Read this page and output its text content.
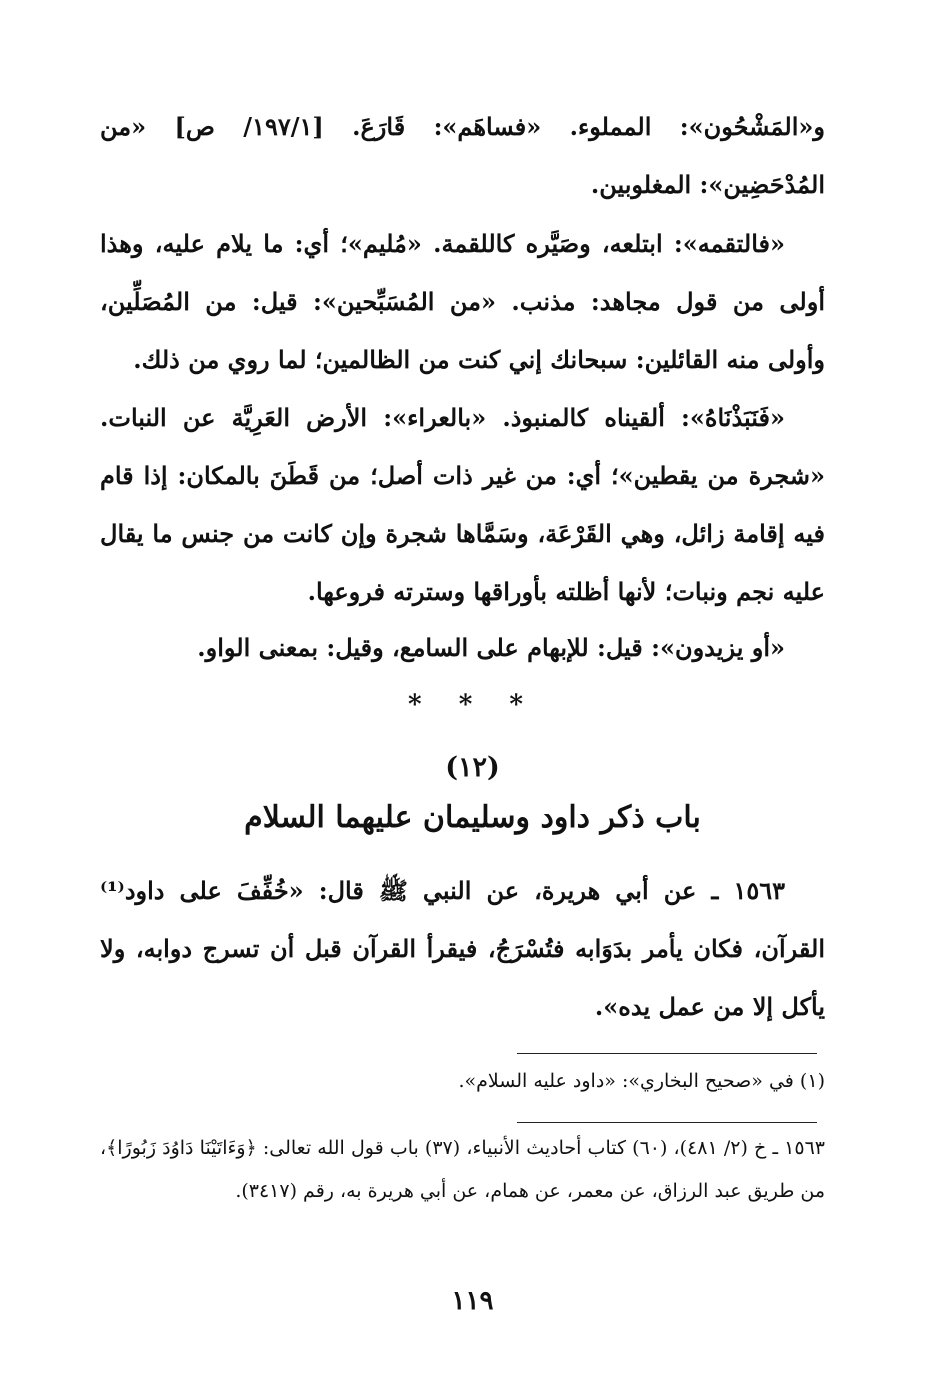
و«المَشْحُون»: المملوء. «فساهَم»: قَارَعَ. [١٩٧/١/ ص] «من المُدْحَضِين»: المغلوبين.

«فالتقمه»: ابتلعه، وصَيَّره كاللقمة. «مُليم»؛ أي: ما يلام عليه، وهذا أولى من قول مجاهد: مذنب. «من المُسَبِّحين»: قيل: من المُصَلِّين، وأولى منه القائلين: سبحانك إني كنت من الظالمين؛ لما روي من ذلك.

«فَنَبَذْنَاهُ»: ألقيناه كالمنبوذ. «بالعراء»: الأرض العَرِيَّة عن النبات. «شجرة من يقطين»؛ أي: من غير ذات أصل؛ من قَطَنَ بالمكان: إذا قام فيه إقامة زائل، وهي القَرْعَة، وسَمَّاها شجرة وإن كانت من جنس ما يقال عليه نجم ونبات؛ لأنها أظلته بأوراقها وسترته فروعها.

«أو يزيدون»: قيل: للإبهام على السامع، وقيل: بمعنى الواو.

* * *
(١٢)
باب ذكر داود وسليمان عليهما السلام

١٥٦٣ ـ عن أبي هريرة، عن النبي ﷺ قال: «خُفِّفَ على داود⁽¹⁾ القرآن، فكان يأمر بدَوَابه فتُسْرَجُ، فيقرأ القرآن قبل أن تسرج دوابه، ولا يأكل إلا من عمل يده».

(١) في «صحيح البخاري»: «داود عليه السلام».

١٥٦٣ ـ خ (٢/ ٤٨١)، (٦٠) كتاب أحاديث الأنبياء، (٣٧) باب قول الله تعالى: ﴿وَءَاتَيْنَا دَاوُدَ زَبُورًا﴾، من طريق عبد الرزاق، عن معمر، عن همام، عن أبي هريرة به، رقم (٣٤١٧).

١١٩
